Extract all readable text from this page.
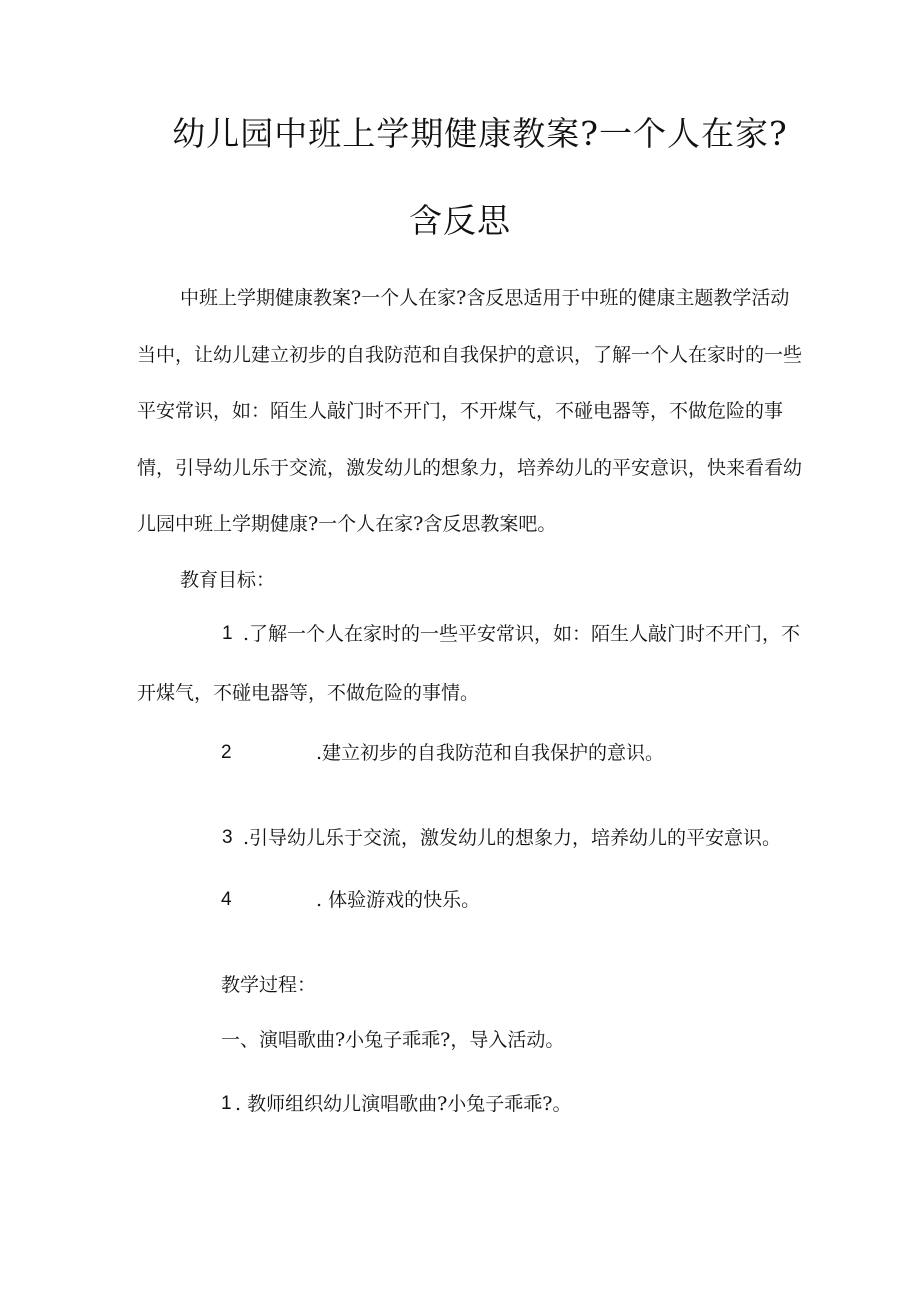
幼儿园中班上学期健康教案?一个人在家?
含反思

中班上学期健康教案?一个人在家?含反思适用于中班的健康主题教学活动

当中，让幼儿建立初步的自我防范和自我保护的意识，了解一个人在家时的一些

平安常识，如：陌生人敲门时不开门，不开煤气，不碰电器等，不做危险的事

情，引导幼儿乐于交流，激发幼儿的想象力，培养幼儿的平安意识，快来看看幼

儿园中班上学期健康?一个人在家?含反思教案吧。

教育目标：

1 .了解一个人在家时的一些平安常识，如：陌生人敲门时不开门，不

开煤气，不碰电器等，不做危险的事情。

2	.建立初步的自我防范和自我保护的意识。

3 .引导幼儿乐于交流，激发幼儿的想象力，培养幼儿的平安意识。

4	. 体验游戏的快乐。

教学过程：

一、演唱歌曲?小兔子乖乖?，导入活动。

1 . 教师组织幼儿演唱歌曲?小兔子乖乖?。
